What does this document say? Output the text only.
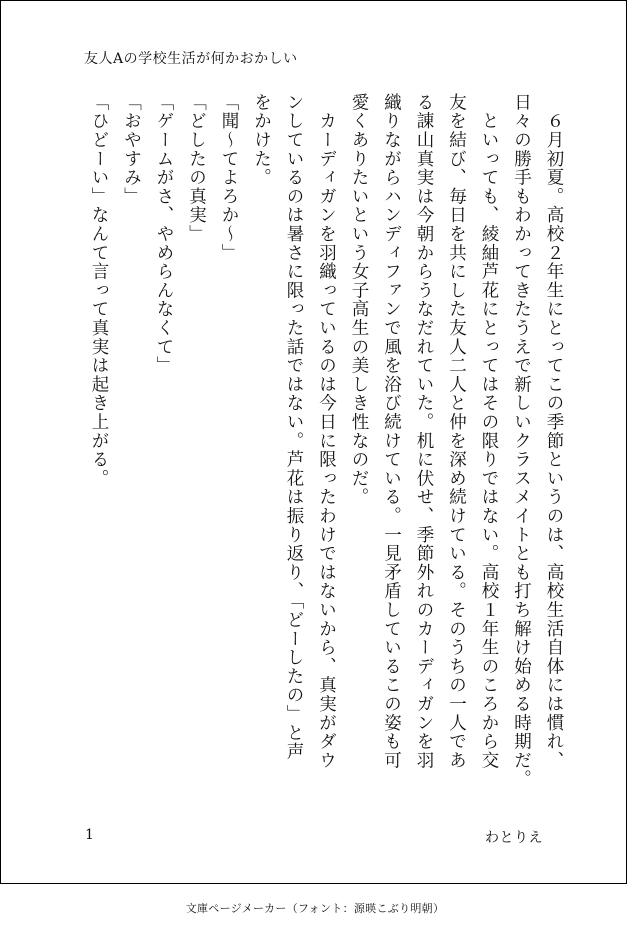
友人Aの学校生活が何かおかしい

　６月初夏。高校２年生にとってこの季節というのは、高校生活自体には慣れ、

日々の勝手もわかってきたうえで新しいクラスメイトとも打ち解け始める時期だ。

　といっても、綾紬芦花にとってはその限りではない。高校１年生のころから交

友を結び、毎日を共にした友人二人と仲を深め続けている。そのうちの一人であ

る諌山真実は今朝からうなだれていた。机に伏せ、季節外れのカーディガンを羽

織りながらハンディファンで風を浴び続けている。一見矛盾しているこの姿も可

愛くありたいという女子高生の美しき性なのだ。

　カーディガンを羽織っているのは今日に限ったわけではないから、真実がダウ

ンしているのは暑さに限った話ではない。芦花は振り返り、「どーしたの」と声

をかけた。

「聞〜てよろか〜」

「どしたの真実」

「ゲームがさ、やめらんなくて」

「おやすみ」

「ひどーい」なんて言って真実は起き上がる。

1	わとりえ
文庫ページメーカー（フォント：源暎こぶり明朝）
